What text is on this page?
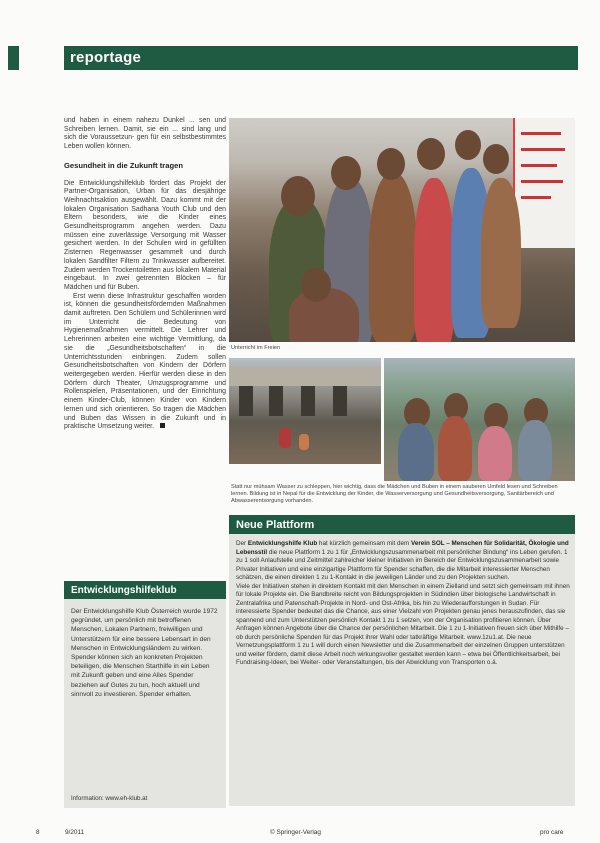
reportage

und haben in einem nahezu Dunkel ... sen und Schreiben lernen. Damit, sie ein ... sind lang und sich die Voraussetzun- gen für ein selbstbestimmtes Leben wollen können.

Gesundheit in die Zukunft tragen

Die Entwicklungshilfeklub fördert das Projekt der Partner-Organisation, Urban für das diesjährige Weihnachtsaktion ausgewählt. Dazu kommt mit der lokalen Organisation Sadhana Youth Club und den Eltern besonders, wie die Kinder eines Gesundheitsprogramm angehen werden. Dazu müssen eine zuverlässige Versorgung mit Wasser gesichert werden. In der Schulen wird in gefüllten Zisternen Regenwasser gesammelt und durch lokalen Sandfilter Filtern zu Trinkwasser aufbereitet. Zudem werden Trockentoiletten aus lokalem Material eingebaut. In zwei getrennten Blöcken – für Mädchen und für Buben.

Erst wenn diese Infrastruktur geschaffen worden ist, können die gesundheitsfördernden Maßnahmen damit auftreten. Den Schülern und Schülerinnen wird im Unterricht die Bedeutung von Hygienemaßnahmen vermittelt. Die Lehrer und Lehrerinnen arbeiten eine wichtige Vermittlung, da sie die „Gesundheitsbotschaften“ in die Unterrichtsstunden einbringen. Zudem sollen Gesundheitsbotschaften von Kindern der Dörfern weitergegeben werden. Hierfür werden diese in den Dörfern durch Theater, Umzugsprogramme und Rollenspielen, Präsentationen, und der Einrichtung einem Kinder-Club, können Kinder von Kindern lernen und sich orientieren. So tragen die Mädchen und Buben das Wissen in die Zukunft und in praktische Umsetzung weiter.

Unterricht im Freien
Statt nur mühsam Wasser zu schleppen, hier wichtig, dass die Mädchen und Buben in einem sauberen Umfeld lesen und Schreiben lernen. Bildung ist in Nepal für die Entwicklung der Kinder, die Wasserversorgung und Gesundheitsversorgung, Sanitärbereich und Abwasserentsorgung vorhanden.
Neue Plattform

Der Entwicklungshilfe Klub hat kürzlich gemeinsam mit dem Verein SOL – Menschen für Solidarität, Ökologie und Lebensstil die neue Plattform 1 zu 1 für „Entwicklungszusammenarbeit mit persönlicher Bindung“ ins Leben gerufen. 1 zu 1 soll Anlaufstelle und Zeitmittel zahlreicher kleiner Initiativen im Bereich der Entwicklungszusammenarbeit sowie Privater Initiativen und eine einzigartige Plattform für Spender schaffen, die die Mitarbeit interessierter Menschen schätzen, die einen direkten 1 zu 1-Kontakt in die jeweiligen Länder und zu den Projekten suchen.

Viele der Initiativen stehen in direktem Kontakt mit den Menschen in einem Zielland und setzt sich gemeinsam mit ihnen für lokale Projekte ein. Die Bandbreite reicht von Bildungsprojekten in Südindien über biologische Landwirtschaft in Zentralafrika und Patenschaft-Projekte in Nord- und Ost-Afrika, bis hin zu Wiederaufforstungen in Sudan. Für interessierte Spender bedeutet das die Chance, aus einer Vielzahl von Projekten genau jenes herauszufinden, das sie spannend und zum Unterstützen persönlich Kontakt 1 zu 1 setzen, von der Organisation profitieren können. Über Anfragen können Angebote über die Chance der persönlichen Mitarbeit. Die 1 zu 1-Initiativen freuen sich über Mithilfe – ob durch persönliche Spenden für das Projekt ihrer Wahl oder tatkräftige Mitarbeit. www.1zu1.at. Die neue Vernetzungsplattform 1 zu 1 will durch einen Newsletter und die Zusammenarbeit der einzelnen Gruppen unterstützen und weiter fördern, damit diese Arbeit noch wirkungsvoller gestaltet werden kann – etwa bei Öffentlichkeitsarbeit, bei Fundraising-Ideen, bei Weiter- oder Veranstaltungen, bis der Abwicklung von Transporten o.ä.

Entwicklungshilfeklub

Der Entwicklungshilfe Klub Österreich wurde 1972 gegründet, um persönlich mit betroffenen Menschen, Lokalen Partnern, freiwilligen und Unterstützern für eine bessere Lebensart in den Menschen in Entwicklungsländern zu wirken. Spender können sich an konkreten Projekten beteiligen, die Menschen Starthilfe in ein Leben mit Zukunft geben und eine Alles Spender beziehen auf Gutes zu tun, hoch aktuell und sinnvoll zu investieren. Spender erhalten.

Information: www.eh-klub.at
8	9/2011	© Springer-Verlag	pro care
